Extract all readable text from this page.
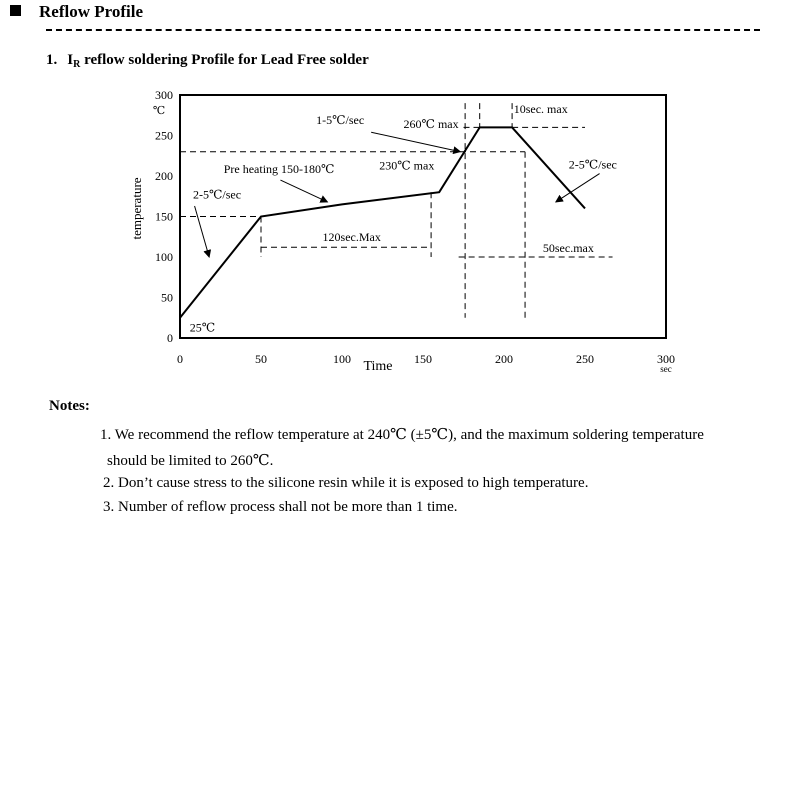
Reflow Profile
1. $I_R$ reflow soldering Profile for Lead Free solder
0	50	100	150	200	250	300
sec
0
50
100
150
200
250
300
℃
Time
temperature
25℃
2-5℃/sec
Pre heating 150-180℃
120sec.Max
1-5℃/sec	260℃ max
230℃ max
10sec. max
2-5℃/sec
50sec.max
Notes:
1. We recommend the reflow temperature at 240℃ (±5℃), and the maximum soldering temperature
should be limited to 260℃.
2. Don’t cause stress to the silicone resin while it is exposed to high temperature.
3. Number of reflow process shall not be more than 1 time.
